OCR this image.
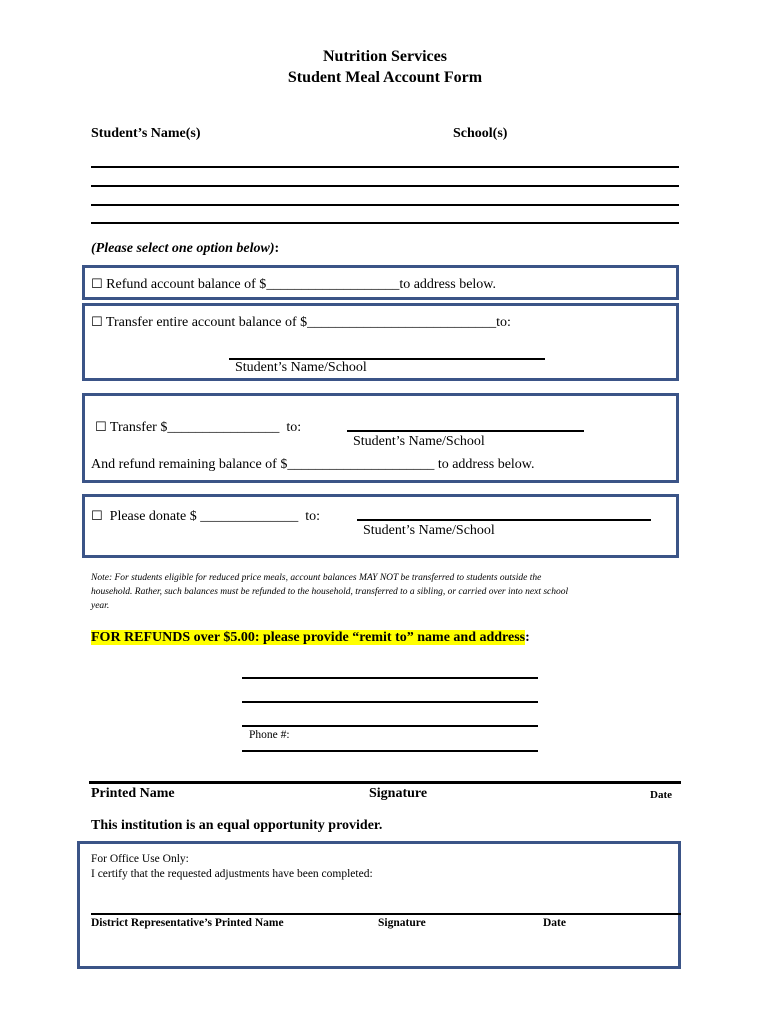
Nutrition Services
Student Meal Account Form
Student’s Name(s)	School(s)
(Please select one option below):
☐ Refund account balance of $___________________to address below.
☐ Transfer entire account balance of $___________________________to:
Student’s Name/School
☐ Transfer $________________ to:
Student’s Name/School
And refund remaining balance of $_____________________ to address below.
☐ Please donate $ ______________ to:
Student’s Name/School
Note: For students eligible for reduced price meals, account balances MAY NOT be transferred to students outside the
household. Rather, such balances must be refunded to the household, transferred to a sibling, or carried over into next school
year.
FOR REFUNDS over $5.00: please provide “remit to” name and address:
Phone #:
Printed Name	Signature	Date
This institution is an equal opportunity provider.
For Office Use Only:
I certify that the requested adjustments have been completed:
District Representative’s Printed Name	Signature	Date
